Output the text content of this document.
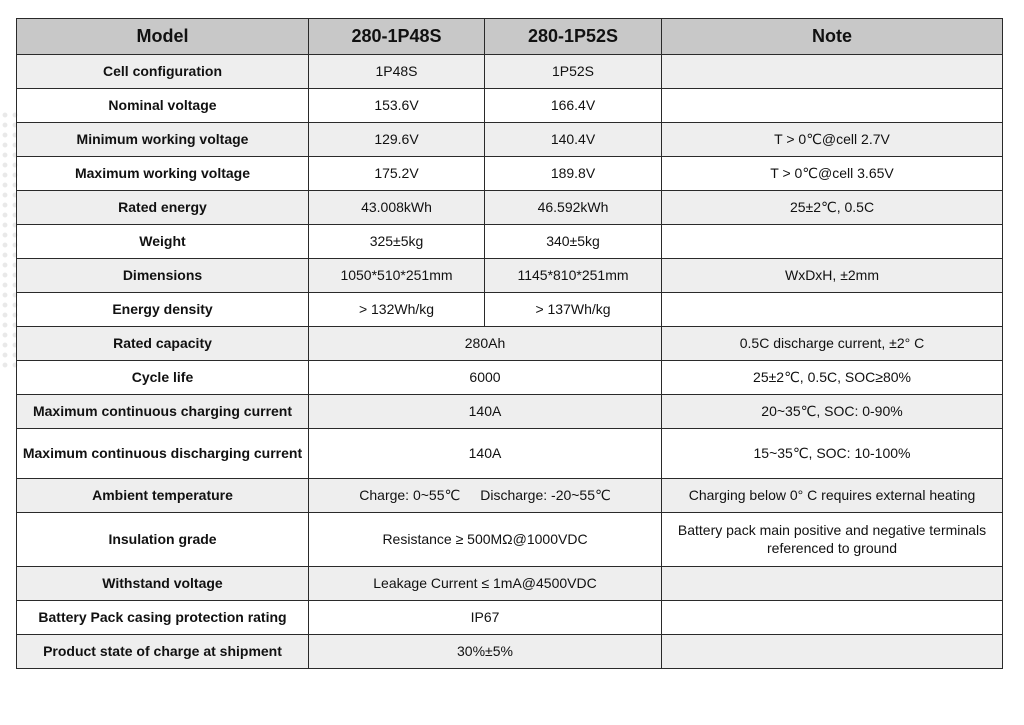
Model	280-1P48S	280-1P52S	Note
Cell configuration	1P48S	1P52S	
Nominal voltage	153.6V	166.4V	
Minimum working voltage	129.6V	140.4V	T > 0℃@cell 2.7V
Maximum working voltage	175.2V	189.8V	T > 0℃@cell 3.65V
Rated energy	43.008kWh	46.592kWh	25±2℃, 0.5C
Weight	325±5kg	340±5kg	
Dimensions	1050*510*251mm	1145*810*251mm	WxDxH, ±2mm
Energy density	> 132Wh/kg	> 137Wh/kg	
Rated capacity	280Ah		0.5C discharge current, ±2° C
Cycle life	6000		25±2℃, 0.5C, SOC≥80%
Maximum continuous charging current	140A		20~35℃, SOC: 0-90%
Maximum continuous discharging current	140A		15~35℃, SOC: 10-100%
Ambient temperature	Charge: 0~55℃ Discharge: -20~55℃		Charging below 0° C requires external heating
Insulation grade	Resistance ≥ 500MΩ@1000VDC		Battery pack main positive and negative terminals referenced to ground
Withstand voltage	Leakage Current ≤ 1mA@4500VDC		
Battery Pack casing protection rating	IP67		
Product state of charge at shipment	30%±5%		
